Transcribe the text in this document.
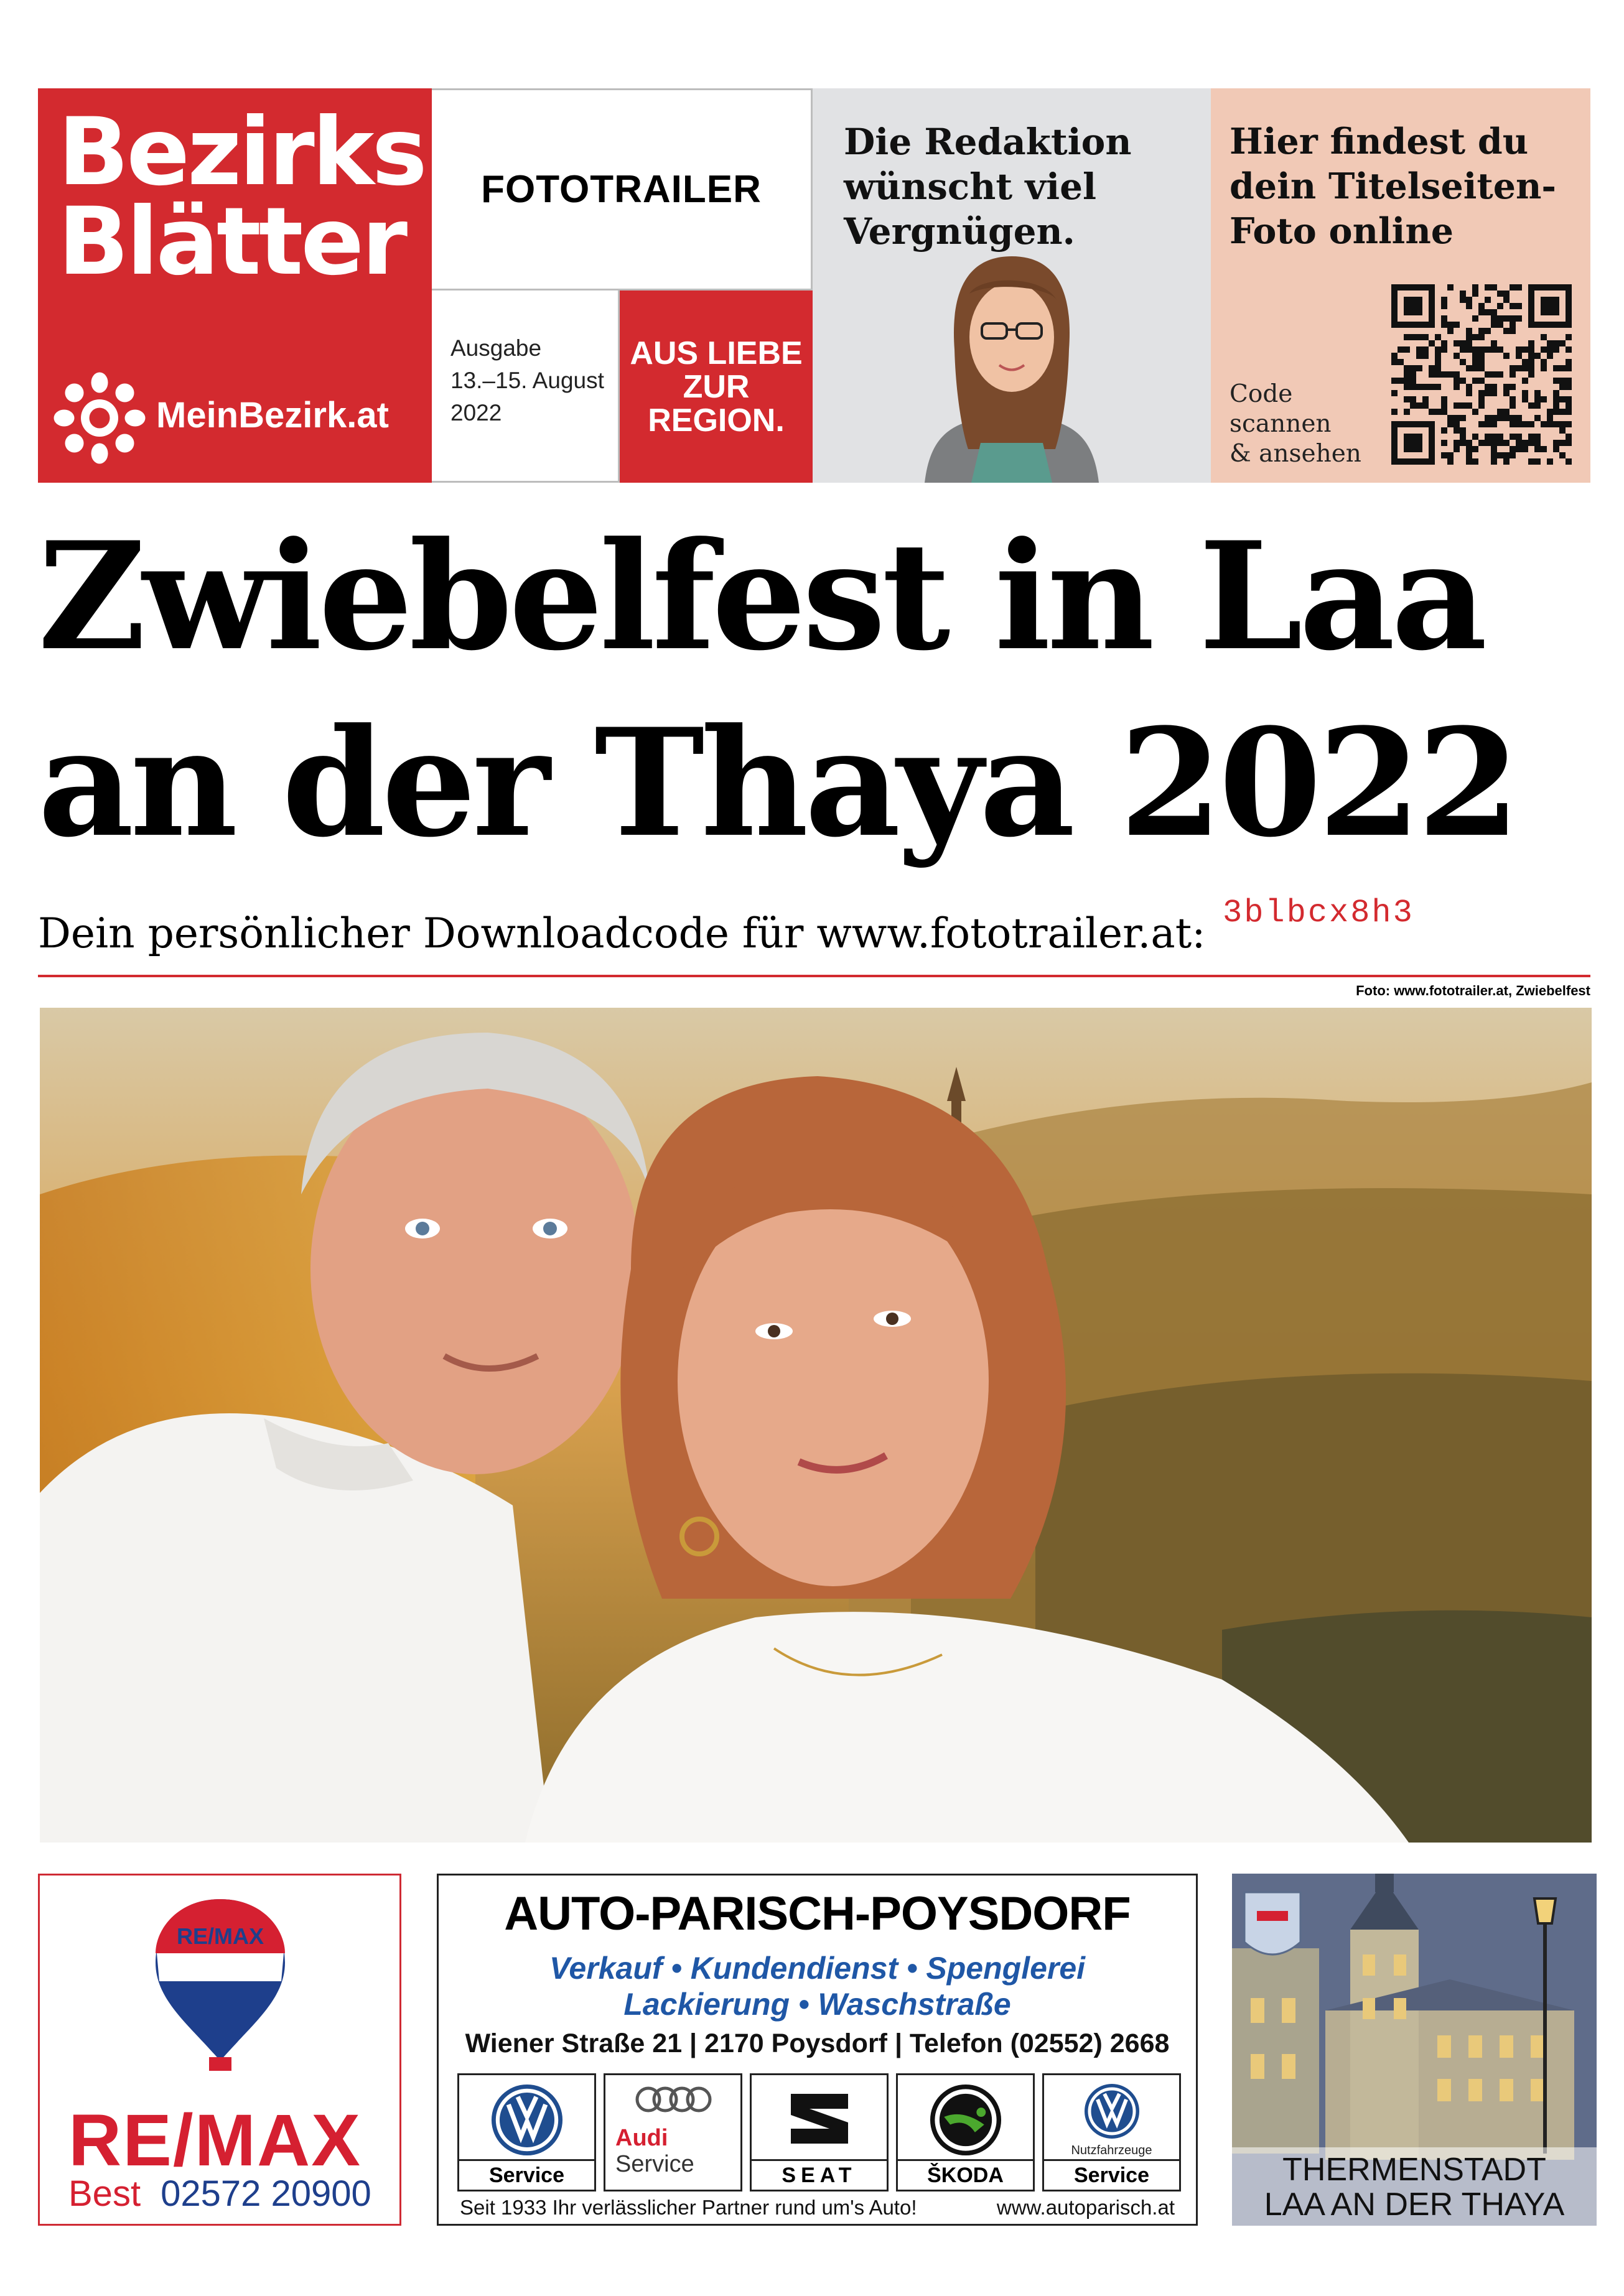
Bezirks
Blätter
MeinBezirk.at
FOTOTRAILER
Ausgabe
13.–15. August
2022
AUS LIEBE
ZUR
REGION.
Die Redaktion
wünscht viel
Vergnügen.
Hier findest du
dein Titelseiten-
Foto online
Code
scannen
& ansehen
Zwiebelfest in Laa
an der Thaya 2022
Dein persönlicher Downloadcode für www.fototrailer.at: 3blbcx8h3
Foto: www.fototrailer.at, Zwiebelfest
RE/MAX
RE/MAX
Best 02572 20900
AUTO-PARISCH-POYSDORF
Verkauf • Kundendienst • Spenglerei
Lackierung • Waschstraße
Wiener Straße 21 | 2170 Poysdorf | Telefon (02552) 2668
Service
Audi
Service	SEAT	ŠKODA
Nutzfahrzeuge
Service
Seit 1933 Ihr verlässlicher Partner rund um's Auto!	www.autoparisch.at
THERMENSTADT
LAA AN DER THAYA
